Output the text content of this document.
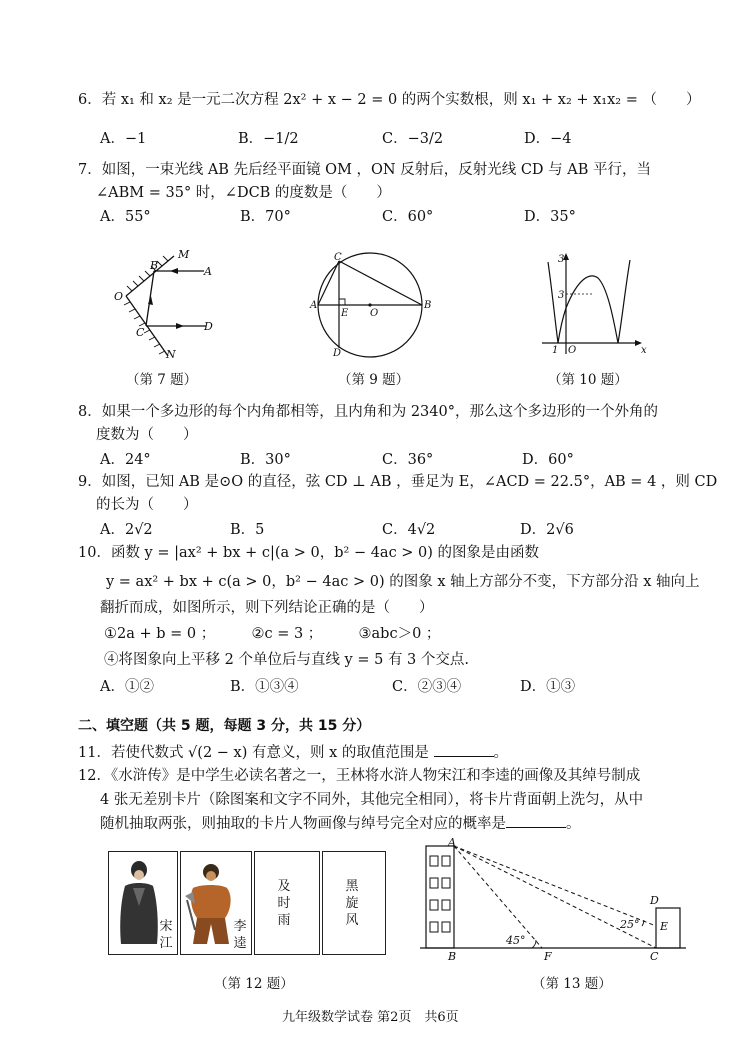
6．若 x₁ 和 x₂ 是一元二次方程 2x² + x − 2 = 0 的两个实数根，则 x₁ + x₂ + x₁x₂ = （　　）
A．−1	B．−1/2	C．−3/2	D．−4
7．如图，一束光线 AB 先后经平面镜 OM ，ON 反射后，反射光线 CD 与 AB 平行，当
∠ABM = 35° 时，∠DCB 的度数是（　　）
A．55°	B．70°	C．60°	D．35°
M
B	A
O
C	D
N
（第 7 题）
C
A
E O
B
D
（第 9 题）
3
3
1 O	x
（第 10 题）
8．如果一个多边形的每个内角都相等，且内角和为 2340°，那么这个多边形的一个外角的
度数为（　　）
A．24°	B．30°	C．36°	D．60°
9．如图，已知 AB 是⊙O 的直径，弦 CD ⊥ AB ，垂足为 E，∠ACD = 22.5°，AB = 4 ，则 CD
的长为（　　）
A．2√2	B．5	C．4√2	D．2√6
10．函数 y = |ax² + bx + c|(a > 0，b² − 4ac > 0) 的图象是由函数
y = ax² + bx + c(a > 0，b² − 4ac > 0) 的图象 x 轴上方部分不变，下方部分沿 x 轴向上
翻折而成，如图所示，则下列结论正确的是（　　）
①2a + b = 0 ；　　　②c = 3 ；　　　③abc＞0 ；
④将图象向上平移 2 个单位后与直线 y = 5 有 3 个交点.
A．①②	B．①③④	C．②③④	D．①③
二、填空题（共 5 题，每题 3 分，共 15 分）
11．若使代数式 √(2 − x) 有意义，则 x 的取值范围是	。
12．《水浒传》是中学生必读名著之一，王林将水浒人物宋江和李逵的画像及其绰号制成
4 张无差别卡片（除图案和文字不同外，其他完全相同），将卡片背面朝上洗匀，从中
随机抽取两张，则抽取的卡片人物画像与绰号完全对应的概率是	。
宋
江
李
逵
及
时
雨
黑
旋
风
（第 12 题）
A
B	F	C
D
E
45°
25°
（第 13 题）
九年级数学试卷 第2页　共6页
